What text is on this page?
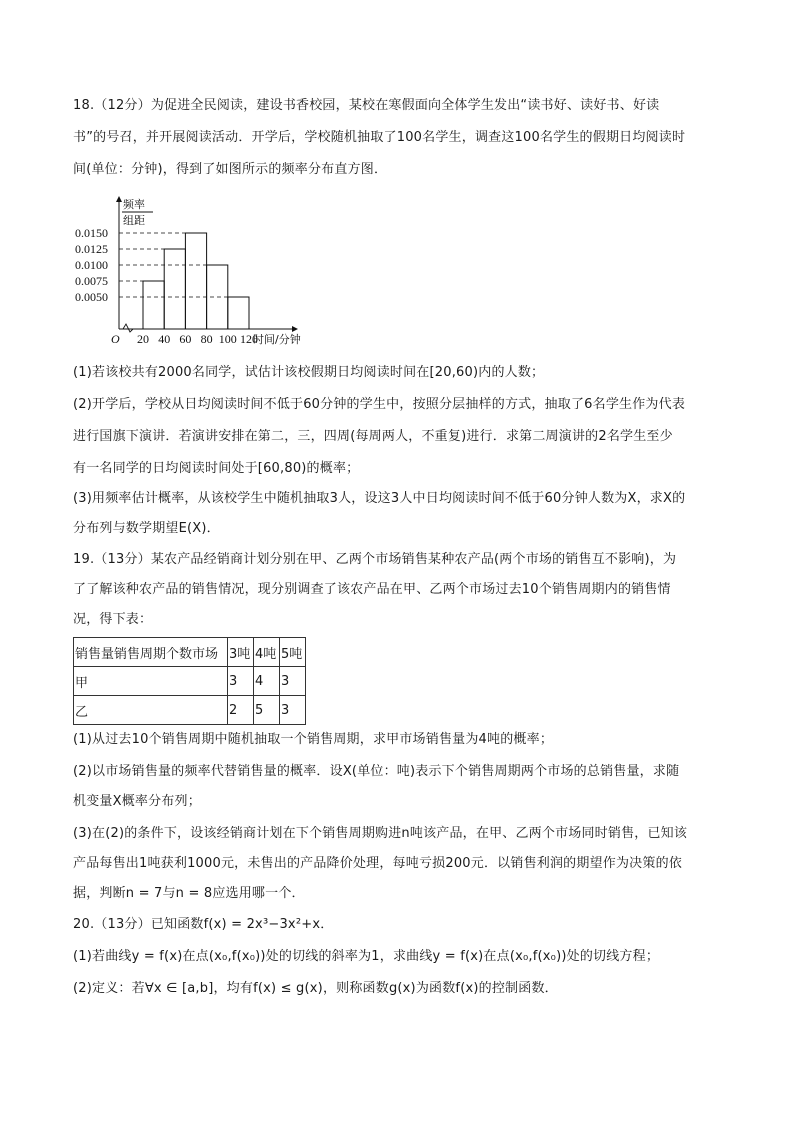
18.（12分）为促进全民阅读，建设书香校园，某校在寒假面向全体学生发出“读书好、读好书、好读
书”的号召，并开展阅读活动．开学后，学校随机抽取了100名学生，调查这100名学生的假期日均阅读时
间(单位：分钟)，得到了如图所示的频率分布直方图．
频率
组距
O	时间/分钟
0.0150
0.0125
0.0100
0.0075
0.0050
20 40 60 80 100 120
(1)若该校共有2000名同学，试估计该校假期日均阅读时间在[20,60)内的人数；
(2)开学后，学校从日均阅读时间不低于60分钟的学生中，按照分层抽样的方式，抽取了6名学生作为代表
进行国旗下演讲．若演讲安排在第二，三，四周(每周两人，不重复)进行．求第二周演讲的2名学生至少
有一名同学的日均阅读时间处于[60,80)的概率；
(3)用频率估计概率，从该校学生中随机抽取3人，设这3人中日均阅读时间不低于60分钟人数为X，求X的
分布列与数学期望E(X)．
19.（13分）某农产品经销商计划分别在甲、乙两个市场销售某种农产品(两个市场的销售互不影响)，为
了了解该种农产品的销售情况，现分别调查了该农产品在甲、乙两个市场过去10个销售周期内的销售情
况，得下表：
销售量销售周期个数市场	3吨	4吨	5吨
甲	3	4	3
乙	2	5	3
(1)从过去10个销售周期中随机抽取一个销售周期，求甲市场销售量为4吨的概率；
(2)以市场销售量的频率代替销售量的概率．设X(单位：吨)表示下个销售周期两个市场的总销售量，求随
机变量X概率分布列；
(3)在(2)的条件下，设该经销商计划在下个销售周期购进n吨该产品，在甲、乙两个市场同时销售，已知该
产品每售出1吨获利1000元，未售出的产品降价处理，每吨亏损200元．以销售利润的期望作为决策的依
据，判断n = 7与n = 8应选用哪一个．
20.（13分）已知函数f(x) = 2x³−3x²+x．
(1)若曲线y = f(x)在点(x₀,f(x₀))处的切线的斜率为1，求曲线y = f(x)在点(x₀,f(x₀))处的切线方程；
(2)定义：若∀x ∈ [a,b]，均有f(x) ≤ g(x)，则称函数g(x)为函数f(x)的控制函数．
